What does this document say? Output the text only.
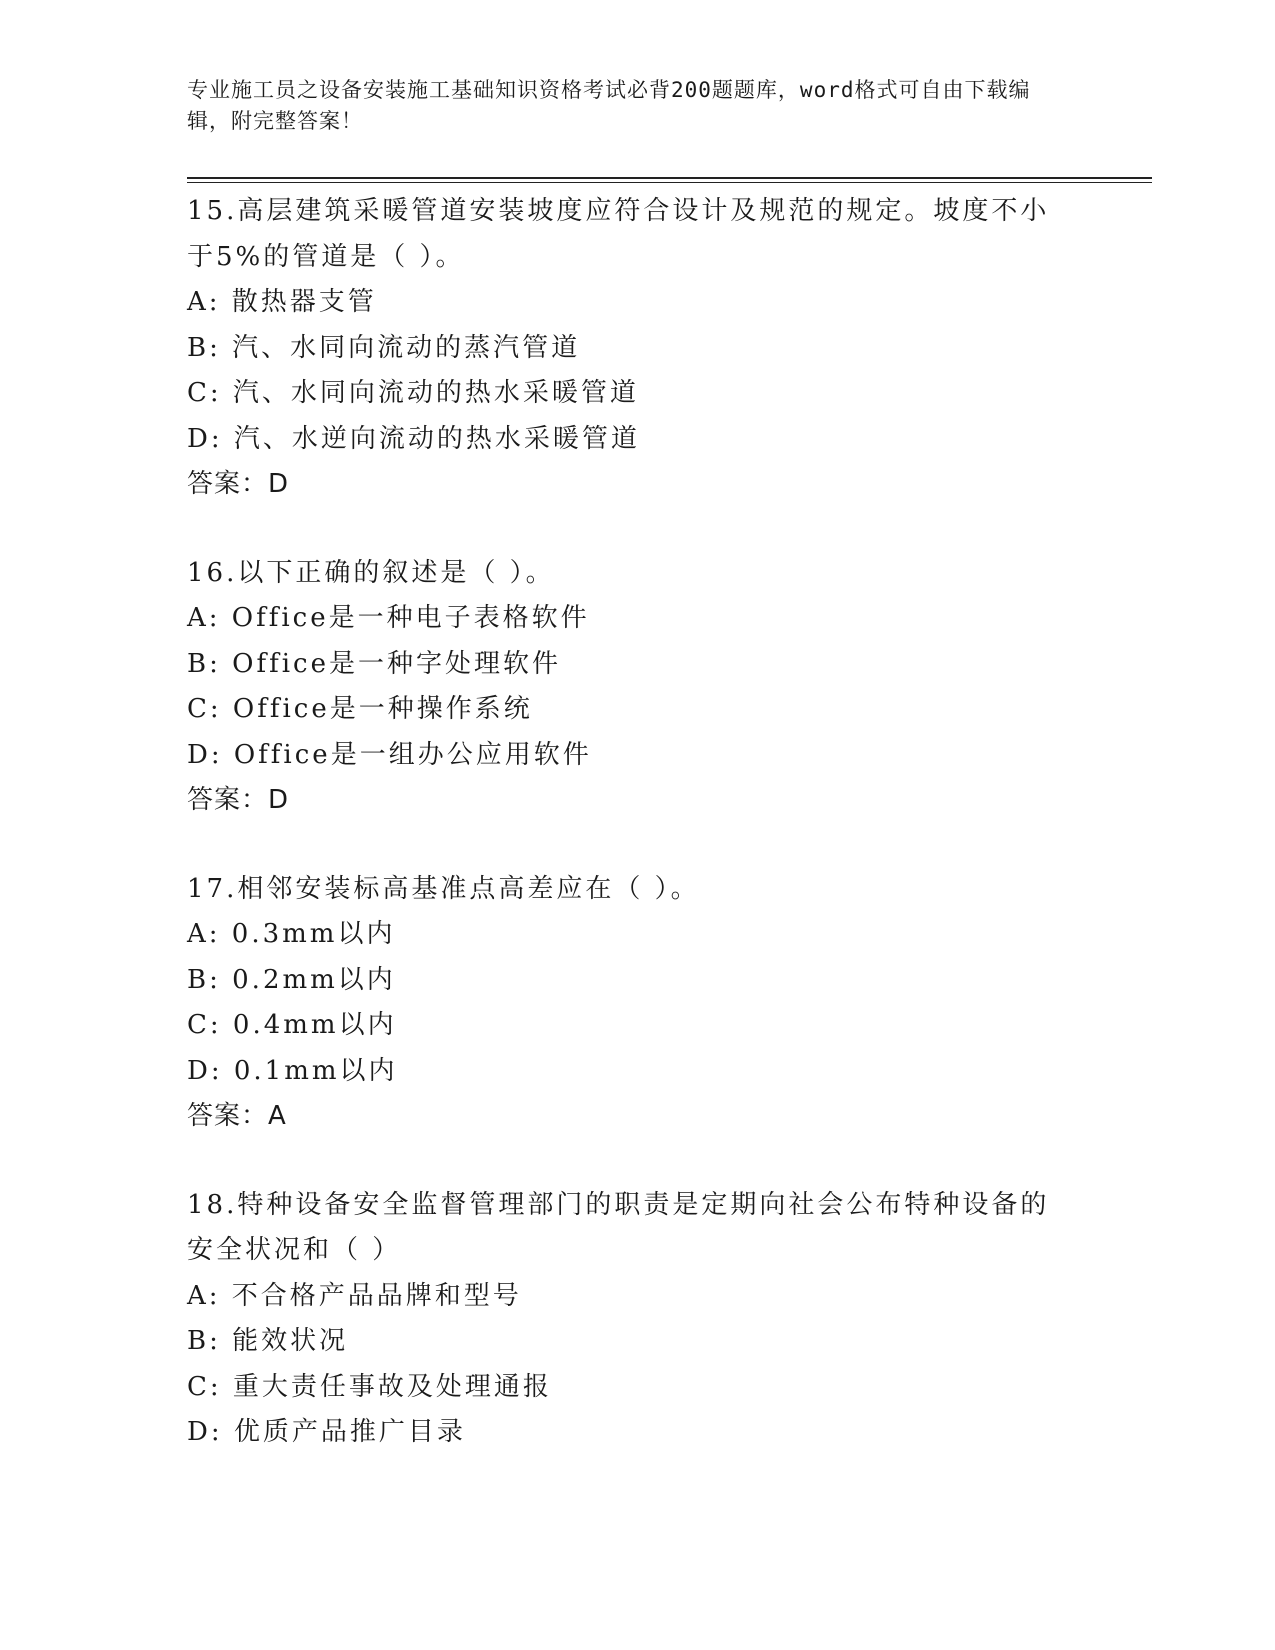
专业施工员之设备安装施工基础知识资格考试必背200题题库，word格式可自由下载编辑，附完整答案！
15.高层建筑采暖管道安装坡度应符合设计及规范的规定。坡度不小于5%的管道是（ ）。
A: 散热器支管
B: 汽、水同向流动的蒸汽管道
C: 汽、水同向流动的热水采暖管道
D: 汽、水逆向流动的热水采暖管道
答案：D
16.以下正确的叙述是（ ）。
A: Office是一种电子表格软件
B: Office是一种字处理软件
C: Office是一种操作系统
D: Office是一组办公应用软件
答案：D
17.相邻安装标高基准点高差应在（ ）。
A: 0.3mm以内
B: 0.2mm以内
C: 0.4mm以内
D: 0.1mm以内
答案：A
18.特种设备安全监督管理部门的职责是定期向社会公布特种设备的安全状况和（ ）
A: 不合格产品品牌和型号
B: 能效状况
C: 重大责任事故及处理通报
D: 优质产品推广目录
